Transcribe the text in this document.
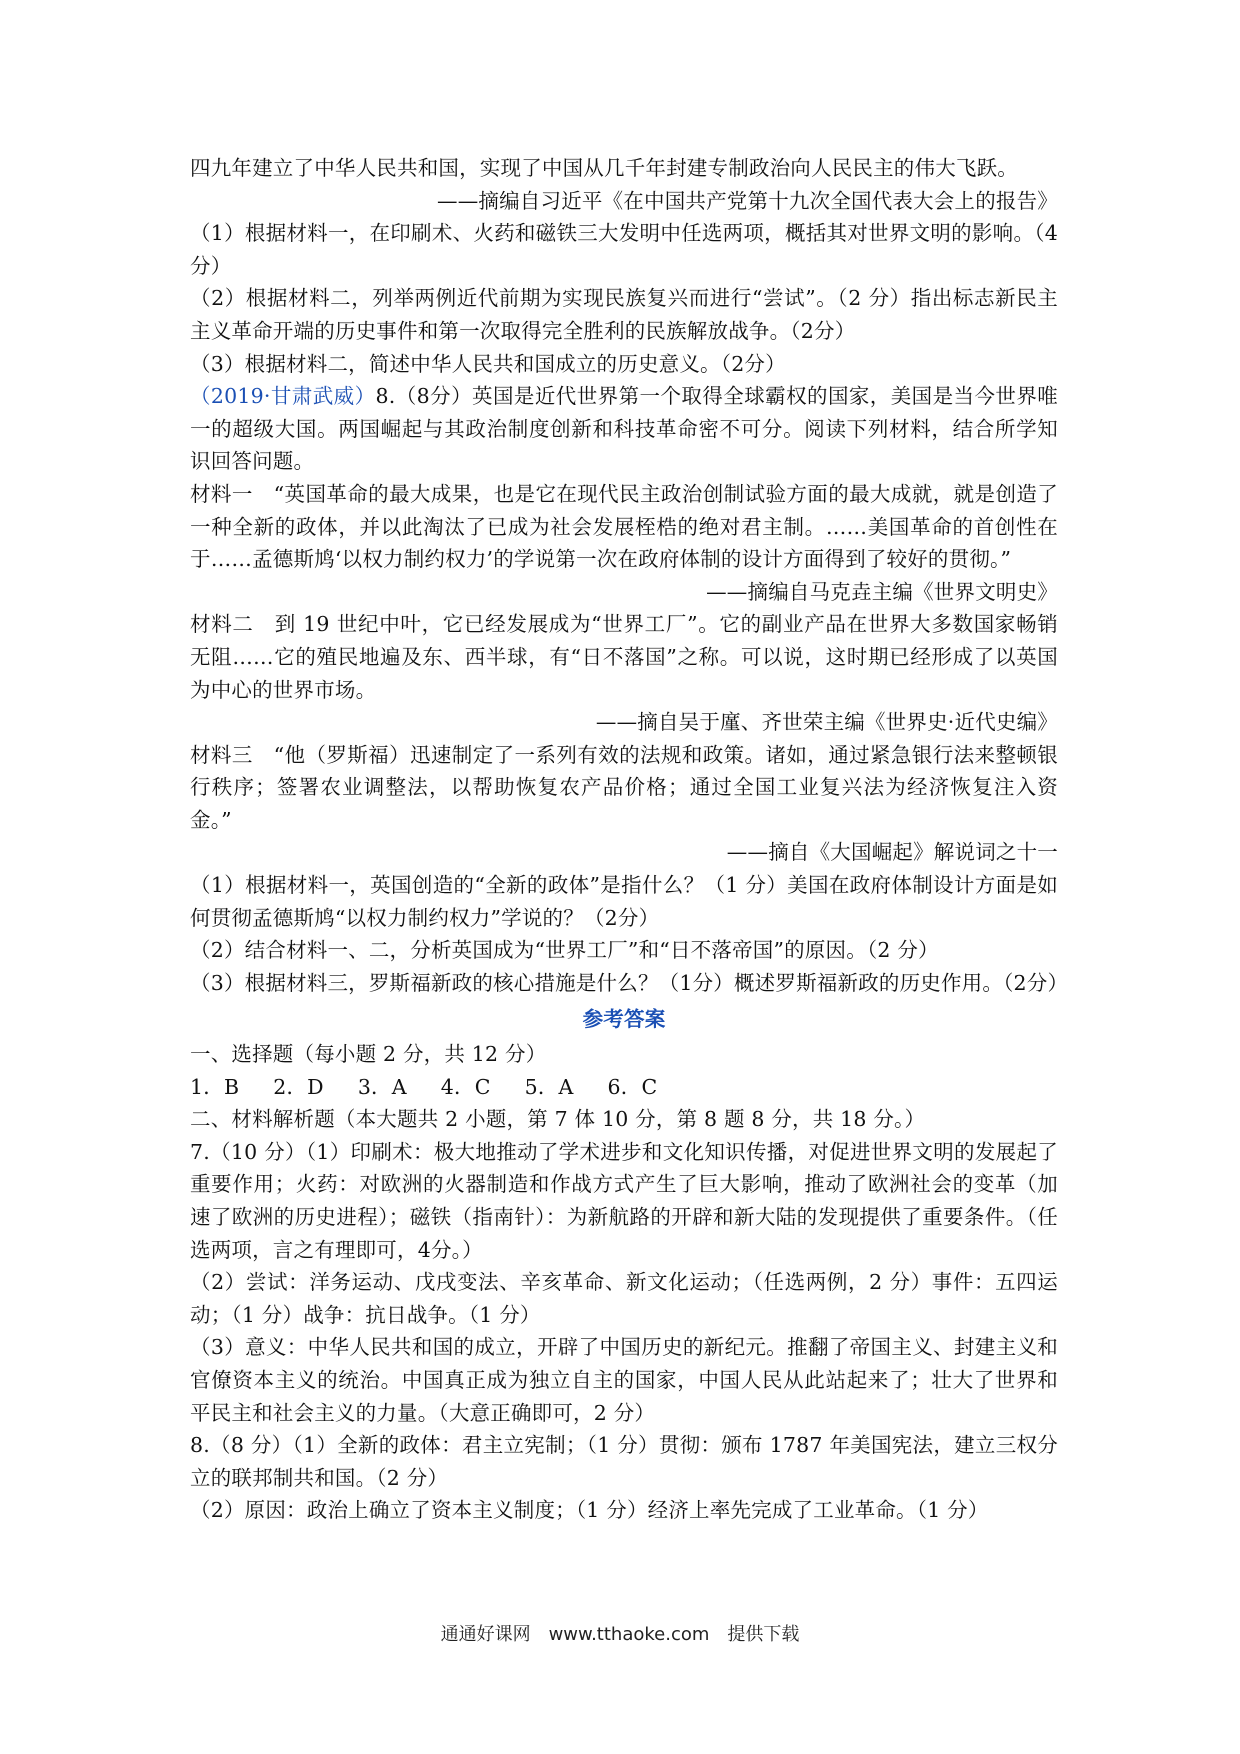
四九年建立了中华人民共和国，实现了中国从几千年封建专制政治向人民民主的伟大飞跃。

——摘编自习近平《在中国共产党第十九次全国代表大会上的报告》

（1）根据材料一，在印刷术、火药和磁铁三大发明中任选两项，概括其对世界文明的影响。（4分）

（2）根据材料二，列举两例近代前期为实现民族复兴而进行“尝试”。（2 分）指出标志新民主主义革命开端的历史事件和第一次取得完全胜利的民族解放战争。（2分）

（3）根据材料二，简述中华人民共和国成立的历史意义。（2分）

（2019·甘肃武威）8.（8分）英国是近代世界第一个取得全球霸权的国家，美国是当今世界唯一的超级大国。两国崛起与其政治制度创新和科技革命密不可分。阅读下列材料，结合所学知识回答问题。

材料一　“英国革命的最大成果，也是它在现代民主政治创制试验方面的最大成就，就是创造了一种全新的政体，并以此淘汰了已成为社会发展桎梏的绝对君主制。……美国革命的首创性在于……孟德斯鸠‘以权力制约权力’的学说第一次在政府体制的设计方面得到了较好的贯彻。”

——摘编自马克垚主编《世界文明史》

材料二　到 19 世纪中叶，它已经发展成为“世界工厂”。它的副业产品在世界大多数国家畅销无阻……它的殖民地遍及东、西半球，有“日不落国”之称。可以说，这时期已经形成了以英国为中心的世界市场。

——摘自吴于廑、齐世荣主编《世界史·近代史编》

材料三　“他（罗斯福）迅速制定了一系列有效的法规和政策。诸如，通过紧急银行法来整顿银行秩序；签署农业调整法，以帮助恢复农产品价格；通过全国工业复兴法为经济恢复注入资金。”

——摘自《大国崛起》解说词之十一

（1）根据材料一，英国创造的“全新的政体”是指什么？（1 分）美国在政府体制设计方面是如何贯彻孟德斯鸠“以权力制约权力”学说的？（2分）

（2）结合材料一、二，分析英国成为“世界工厂”和“日不落帝国”的原因。（2 分）

（3）根据材料三，罗斯福新政的核心措施是什么？（1分）概述罗斯福新政的历史作用。（2分）

参考答案

一、选择题（每小题 2 分，共 12 分）

1．B 2．D 3．A 4．C 5．A 6．C

二、材料解析题（本大题共 2 小题，第 7 体 10 分，第 8 题 8 分，共 18 分。）

7.（10 分）（1）印刷术：极大地推动了学术进步和文化知识传播，对促进世界文明的发展起了重要作用；火药：对欧洲的火器制造和作战方式产生了巨大影响，推动了欧洲社会的变革（加速了欧洲的历史进程）；磁铁（指南针）：为新航路的开辟和新大陆的发现提供了重要条件。（任选两项，言之有理即可，4分。）

（2）尝试：洋务运动、戊戌变法、辛亥革命、新文化运动；（任选两例，2 分）事件：五四运动；（1 分）战争：抗日战争。（1 分）

（3）意义：中华人民共和国的成立，开辟了中国历史的新纪元。推翻了帝国主义、封建主义和官僚资本主义的统治。中国真正成为独立自主的国家，中国人民从此站起来了；壮大了世界和平民主和社会主义的力量。（大意正确即可，2 分）

8.（8 分）（1）全新的政体：君主立宪制；（1 分）贯彻：颁布 1787 年美国宪法，建立三权分立的联邦制共和国。（2 分）

（2）原因：政治上确立了资本主义制度；（1 分）经济上率先完成了工业革命。（1 分）

通通好课网　www.tthaoke.com　提供下载
